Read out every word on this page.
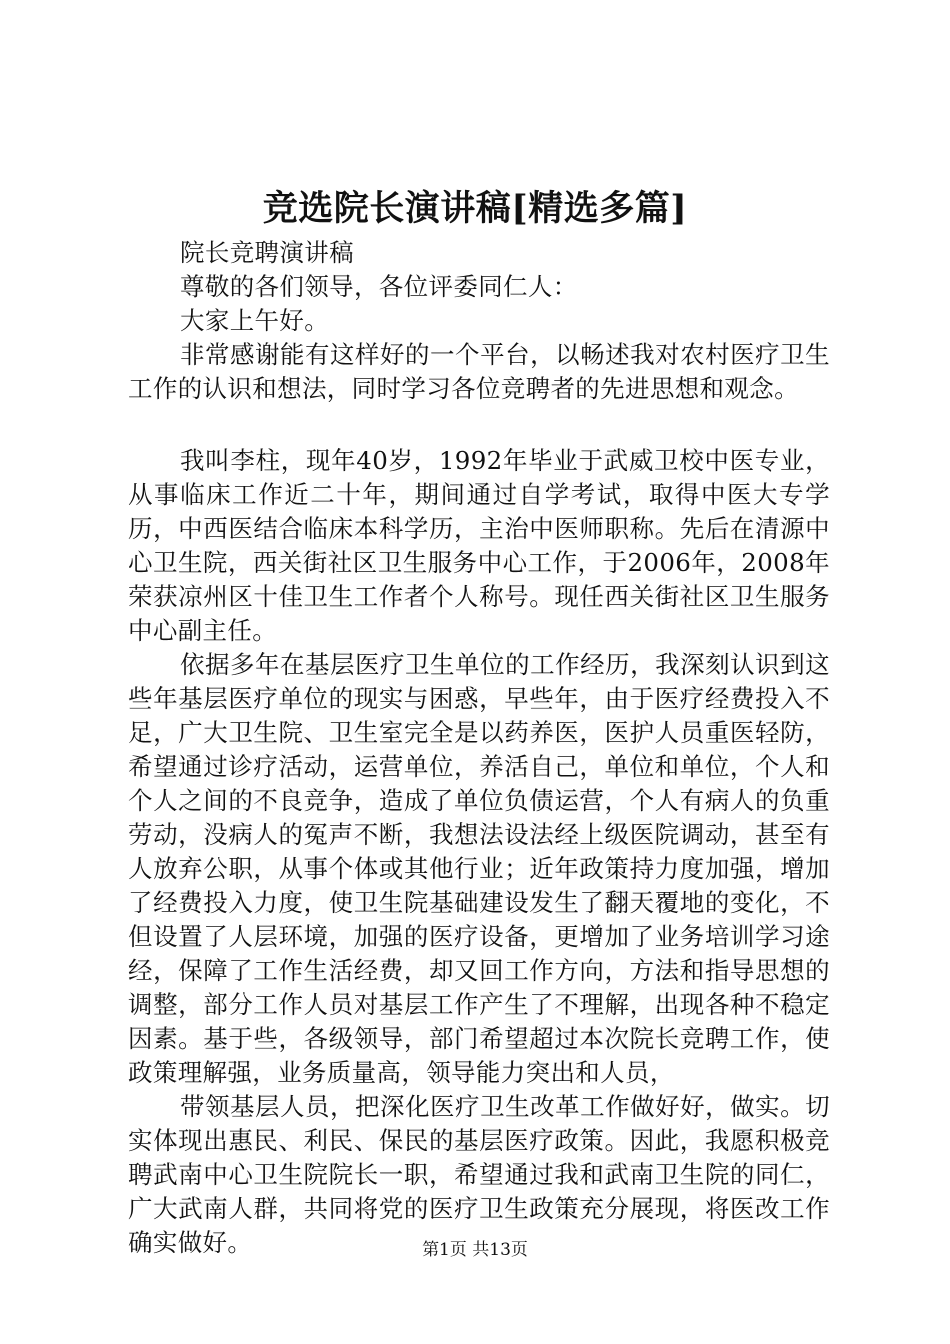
竞选院长演讲稿[精选多篇]

院长竞聘演讲稿

尊敬的各们领导，各位评委同仁人：

大家上午好。

非常感谢能有这样好的一个平台，以畅述我对农村医疗卫生工作的认识和想法，同时学习各位竞聘者的先进思想和观念。

我叫李柱，现年40岁，1992年毕业于武威卫校中医专业，从事临床工作近二十年，期间通过自学考试，取得中医大专学历，中西医结合临床本科学历，主治中医师职称。先后在清源中心卫生院，西关街社区卫生服务中心工作，于2006年，2008年荣获凉州区十佳卫生工作者个人称号。现任西关街社区卫生服务中心副主任。

依据多年在基层医疗卫生单位的工作经历，我深刻认识到这些年基层医疗单位的现实与困惑，早些年，由于医疗经费投入不足，广大卫生院、卫生室完全是以药养医，医护人员重医轻防，希望通过诊疗活动，运营单位，养活自己，单位和单位，个人和个人之间的不良竞争，造成了单位负债运营，个人有病人的负重劳动，没病人的冤声不断，我想法设法经上级医院调动，甚至有人放弃公职，从事个体或其他行业；近年政策持力度加强，增加了经费投入力度，使卫生院基础建设发生了翻天覆地的变化，不但设置了人层环境，加强的医疗设备，更增加了业务培训学习途经，保障了工作生活经费，却又回工作方向，方法和指导思想的调整，部分工作人员对基层工作产生了不理解，出现各种不稳定因素。基于些，各级领导，部门希望超过本次院长竞聘工作，使政策理解强，业务质量高，领导能力突出和人员，

带领基层人员，把深化医疗卫生改革工作做好好，做实。切实体现出惠民、利民、保民的基层医疗政策。因此，我愿积极竞聘武南中心卫生院院长一职，希望通过我和武南卫生院的同仁，广大武南人群，共同将党的医疗卫生政策充分展现，将医改工作确实做好。	第1页 共13页
